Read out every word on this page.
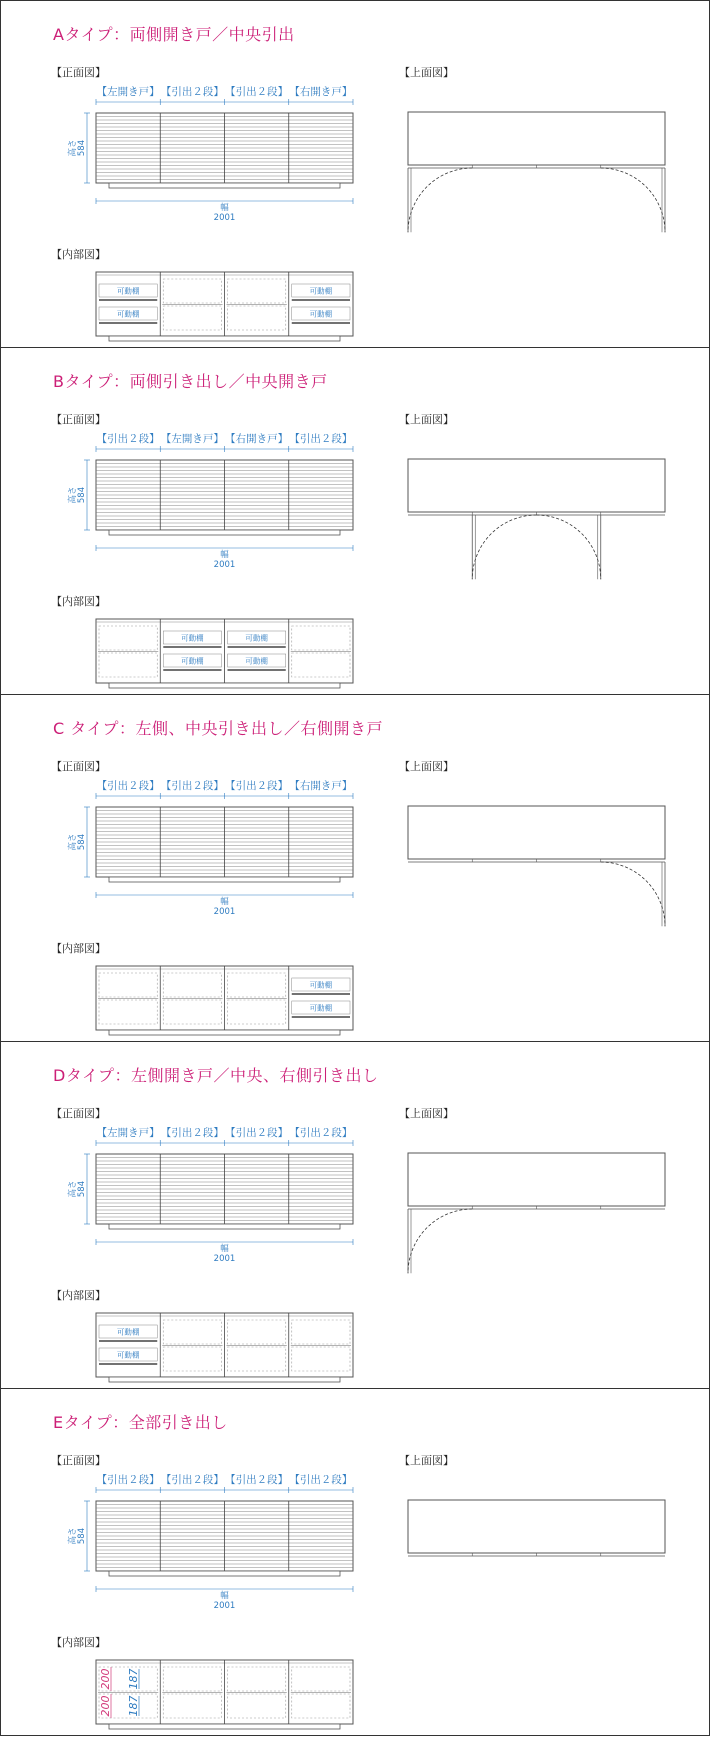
Aタイプ：両側開き戸／中央引出
【正面図】	【上面図】
【内部図】
【左開き戸】 【引出２段】 【引出２段】 【右開き戸】
高さ 584
幅
2001
可動棚
可動棚
可動棚
可動棚
Bタイプ：両側引き出し／中央開き戸
【正面図】	【上面図】
【内部図】
【引出２段】 【左開き戸】 【右開き戸】 【引出２段】
高さ 584
幅
2001
可動棚
可動棚
可動棚
可動棚
C タイプ：左側、中央引き出し／右側開き戸
【正面図】	【上面図】
【内部図】
【引出２段】 【引出２段】 【引出２段】 【右開き戸】
高さ 584
幅
2001
可動棚
可動棚
Dタイプ：左側開き戸／中央、右側引き出し
【正面図】	【上面図】
【内部図】
【左開き戸】 【引出２段】 【引出２段】 【引出２段】
高さ 584
幅
2001
可動棚
可動棚
Eタイプ：全部引き出し
【正面図】	【上面図】
【内部図】
【引出２段】 【引出２段】 【引出２段】 【引出２段】
高さ 584
幅
2001
200 187
200 187
